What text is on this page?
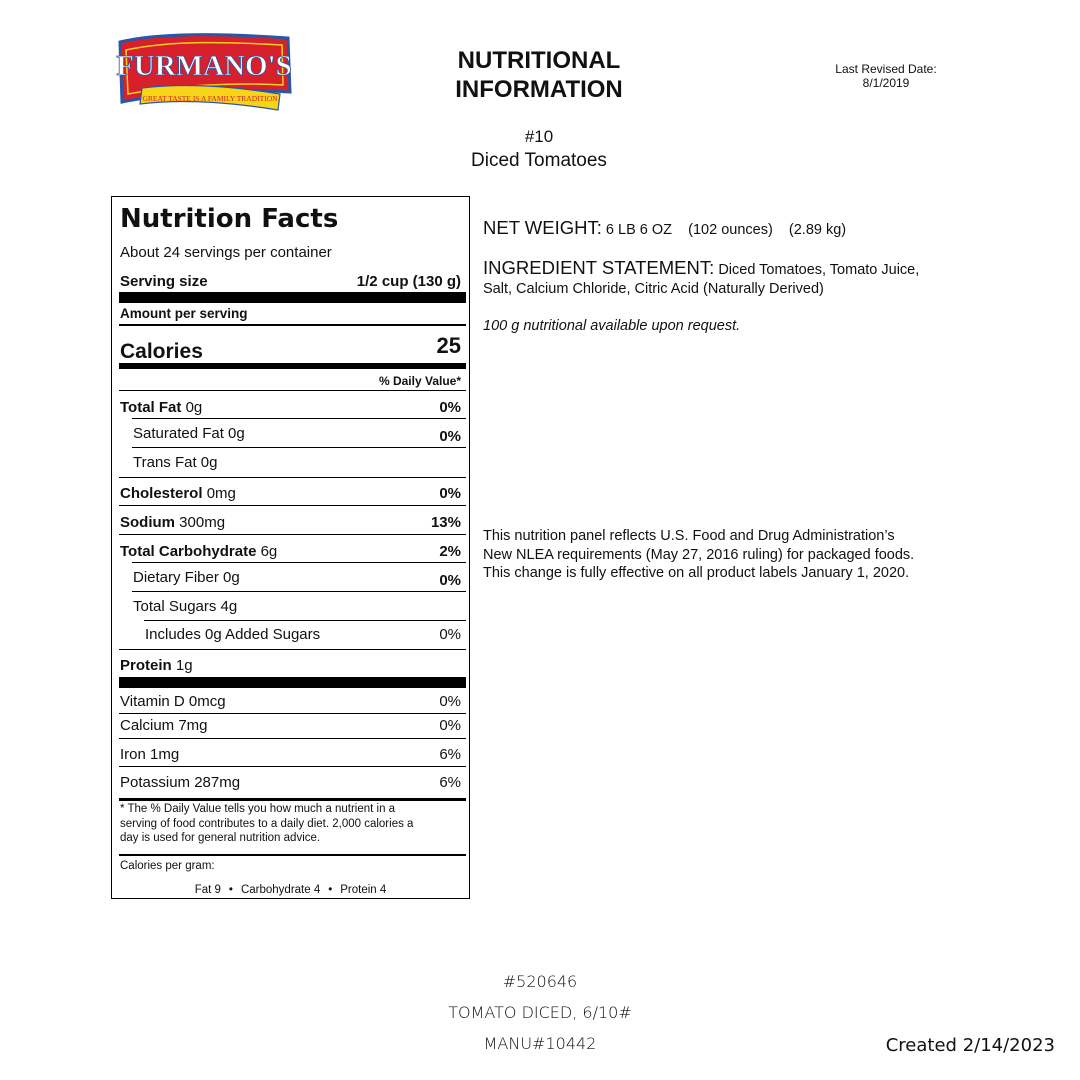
FURMANO'S
GREAT TASTE IS A FAMILY TRADITION
NUTRITIONAL
INFORMATION
Last Revised Date:
8/1/2019
#10
Diced Tomatoes
Nutrition Facts
About 24 servings per container
Serving size	1/2 cup (130 g)
Amount per serving
Calories	25
% Daily Value*
Total Fat 0g	0%
Saturated Fat 0g	0%
Trans Fat 0g
Cholesterol 0mg	0%
Sodium 300mg	13%
Total Carbohydrate 6g	2%
Dietary Fiber 0g	0%
Total Sugars 4g
Includes 0g Added Sugars	0%
Protein 1g
Vitamin D 0mcg	0%
Calcium 7mg	0%
Iron 1mg	6%
Potassium 287mg	6%
* The % Daily Value tells you how much a nutrient in a
serving of food contributes to a daily diet. 2,000 calories a
day is used for general nutrition advice.
Calories per gram:
Fat 9 • Carbohydrate 4 • Protein 4
NET WEIGHT: 6 LB 6 OZ (102 ounces) (2.89 kg)
INGREDIENT STATEMENT: Diced Tomatoes, Tomato Juice,
Salt, Calcium Chloride, Citric Acid (Naturally Derived)
100 g nutritional available upon request.
This nutrition panel reflects U.S. Food and Drug Administration’s
New NLEA requirements (May 27, 2016 ruling) for packaged foods.
This change is fully effective on all product labels January 1, 2020.
#520646
TOMATO DICED, 6/10#
MANU#10442	Created 2/14/2023
